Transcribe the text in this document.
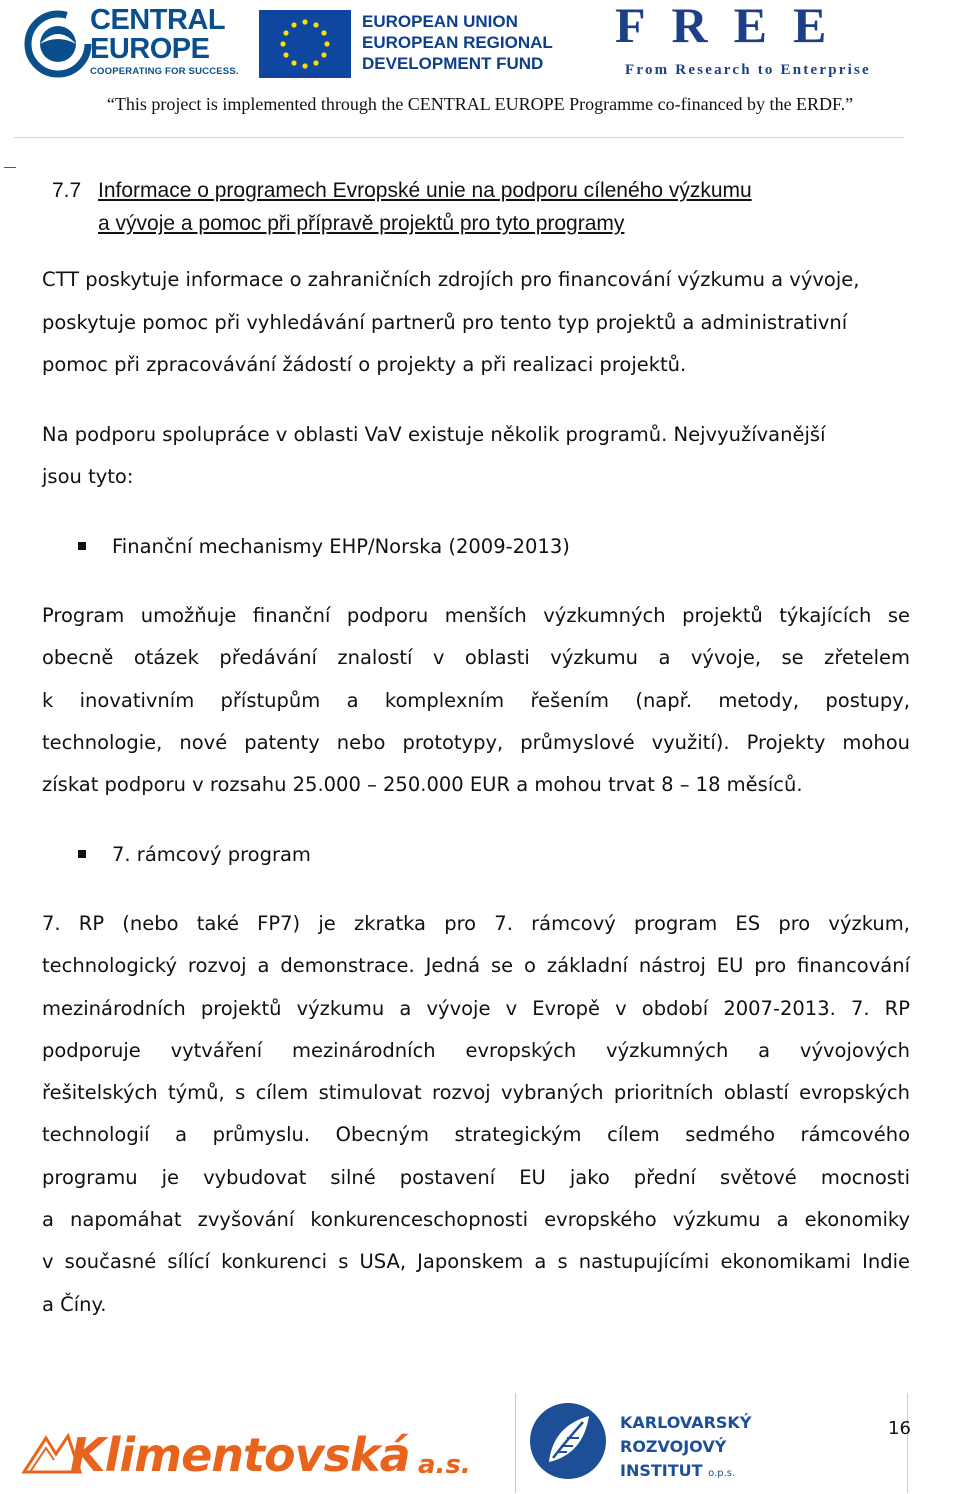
CENTRAL
EUROPE
COOPERATING FOR SUCCESS.
EUROPEAN UNION
EUROPEAN REGIONAL
DEVELOPMENT FUND
FREE
From Research to Enterprise
“This project is implemented through the CENTRAL EUROPE Programme co-financed by the ERDF.”
7.7 Informace o programech Evropské unie na podporu cíleného výzkumu
a vývoje a pomoc při přípravě projektů pro tyto programy
CTT poskytuje informace o zahraničních zdrojích pro financování výzkumu a vývoje,
poskytuje pomoc při vyhledávání partnerů pro tento typ projektů a administrativní
pomoc při zpracovávání žádostí o projekty a při realizaci projektů.
Na podporu spolupráce v oblasti VaV existuje několik programů. Nejvyužívanější
jsou tyto:
Finanční mechanismy EHP/Norska (2009-2013)
Program umožňuje finanční podporu menších výzkumných projektů týkajících se
obecně otázek předávání znalostí v oblasti výzkumu a vývoje, se zřetelem
k inovativním přístupům a komplexním řešením (např. metody, postupy,
technologie, nové patenty nebo prototypy, průmyslové využití). Projekty mohou
získat podporu v rozsahu 25.000 – 250.000 EUR a mohou trvat 8 – 18 měsíců.
7. rámcový program
7. RP (nebo také FP7) je zkratka pro 7. rámcový program ES pro výzkum,
technologický rozvoj a demonstrace. Jedná se o základní nástroj EU pro financování
mezinárodních projektů výzkumu a vývoje v Evropě v období 2007-2013. 7. RP
podporuje vytváření mezinárodních evropských výzkumných a vývojových
řešitelských týmů, s cílem stimulovat rozvoj vybraných prioritních oblastí evropských
technologií a průmyslu. Obecným strategickým cílem sedmého rámcového
programu je vybudovat silné postavení EU jako přední světové mocnosti
a napomáhat zvyšování konkurenceschopnosti evropského výzkumu a ekonomiky
v současné sílící konkurenci s USA, Japonskem a s nastupujícími ekonomikami Indie
a Číny.
Klimentovská a.s.
KARLOVARSKÝ
ROZVOJOVÝ
INSTITUT o.p.s.
16
